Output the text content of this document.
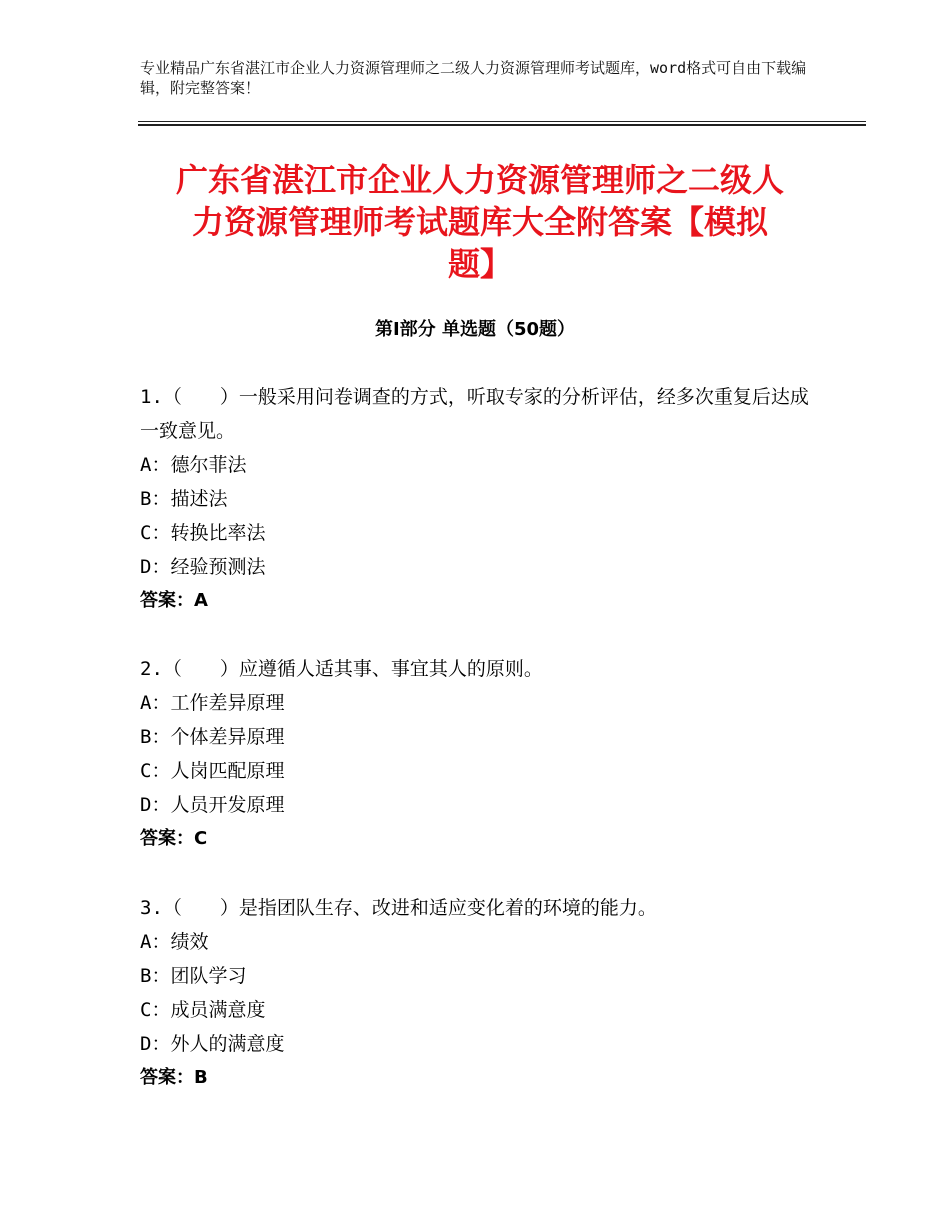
专业精品广东省湛江市企业人力资源管理师之二级人力资源管理师考试题库，word格式可自由下载编辑，附完整答案！
广东省湛江市企业人力资源管理师之二级人
力资源管理师考试题库大全附答案【模拟
题】
第Ⅰ部分 单选题（50题）

1.（　　）一般采用问卷调查的方式，听取专家的分析评估，经多次重复后达成一致意见。

A：德尔菲法

B：描述法

C：转换比率法

D：经验预测法

答案：A

2.（　　）应遵循人适其事、事宜其人的原则。

A：工作差异原理

B：个体差异原理

C：人岗匹配原理

D：人员开发原理

答案：C

3.（　　）是指团队生存、改进和适应变化着的环境的能力。

A：绩效

B：团队学习

C：成员满意度

D：外人的满意度

答案：B
